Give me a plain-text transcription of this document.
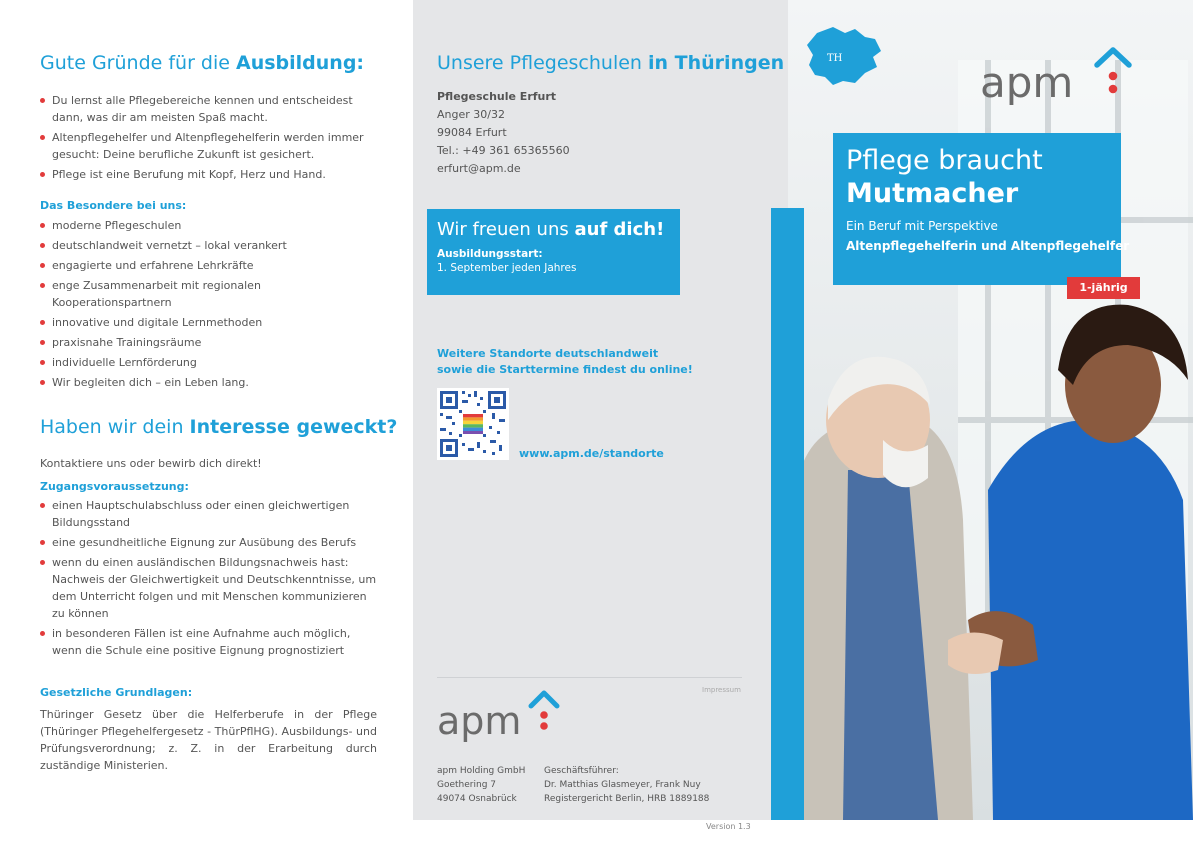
Gute Gründe für die Ausbildung:
Du lernst alle Pflegebereiche kennen und entscheidest dann, was dir am meisten Spaß macht.
Altenpflegehelfer und Altenpflegehelferin werden immer gesucht: Deine berufliche Zukunft ist gesichert.
Pflege ist eine Berufung mit Kopf, Herz und Hand.
Das Besondere bei uns:
moderne Pflegeschulen
deutschlandweit vernetzt – lokal verankert
engagierte und erfahrene Lehrkräfte
enge Zusammenarbeit mit regionalen Kooperationspartnern
innovative und digitale Lernmethoden
praxisnahe Trainingsräume
individuelle Lernförderung
Wir begleiten dich – ein Leben lang.
Haben wir dein Interesse geweckt?
Kontaktiere uns oder bewirb dich direkt!
Zugangsvoraussetzung:
einen Hauptschulabschluss oder einen gleichwertigen Bildungsstand
eine gesundheitliche Eignung zur Ausübung des Berufs
wenn du einen ausländischen Bildungsnachweis hast: Nachweis der Gleichwertigkeit und Deutschkenntnisse, um dem Unterricht folgen und mit Menschen kommunizieren zu können
in besonderen Fällen ist eine Aufnahme auch möglich, wenn die Schule eine positive Eignung prognostiziert
Gesetzliche Grundlagen:
Thüringer Gesetz über die Helferberufe in der Pflege (Thüringer Pflegehelfergesetz - ThürPflHG). Ausbildungs- und Prüfungsverordnung; z. Z. in der Erarbeitung durch zuständige Ministerien.
Unsere Pflegeschulen in Thüringen
Pflegeschule Erfurt
Anger 30/32
99084 Erfurt
Tel.: +49 361 65365560
erfurt@apm.de
Wir freuen uns auf dich!
Ausbildungsstart:
1. September jeden Jahres
Weitere Standorte deutschlandweit sowie die Starttermine findest du online!
www.apm.de/standorte
Impressum
apm
apm Holding GmbH
Goethering 7
49074 Osnabrück
Geschäftsführer:
Dr. Matthias Glasmeyer, Frank Nuy
Registergericht Berlin, HRB 1889188
Version 1.3
TH	apm
Pflege braucht
Mutmacher
Ein Beruf mit Perspektive
Altenpflegehelferin und Altenpflegehelfer
1-jährig
